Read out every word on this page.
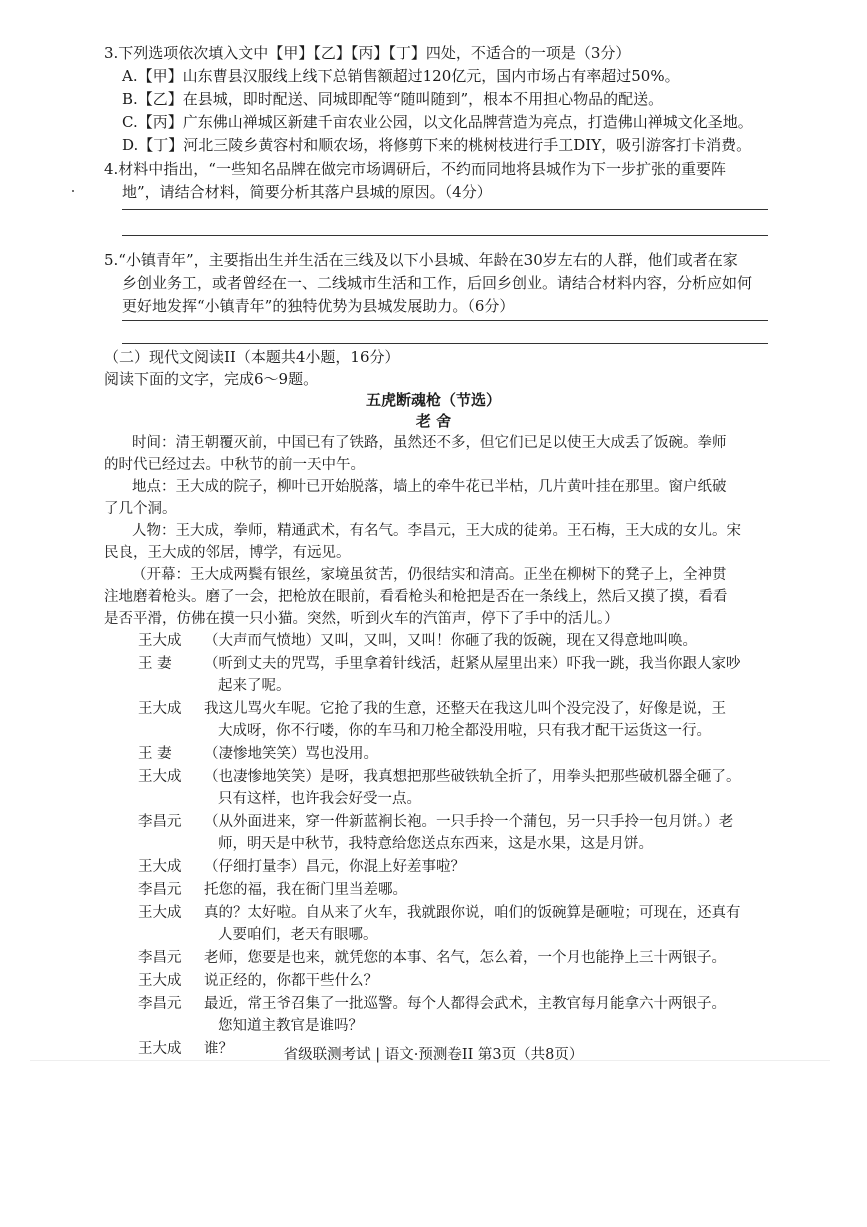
3.下列选项依次填入文中【甲】【乙】【丙】【丁】四处，不适合的一项是（3分）
A.【甲】山东曹县汉服线上线下总销售额超过120亿元，国内市场占有率超过50%。
B.【乙】在县城，即时配送、同城即配等“随叫随到”，根本不用担心物品的配送。
C.【丙】广东佛山禅城区新建千亩农业公园，以文化品牌营造为亮点，打造佛山禅城文化圣地。
D.【丁】河北三陵乡黄容村和顺农场，将修剪下来的桃树枝进行手工DIY，吸引游客打卡消费。
4.材料中指出，“一些知名品牌在做完市场调研后，不约而同地将县城作为下一步扩张的重要阵
地”，请结合材料，简要分析其落户县城的原因。（4分）
5.“小镇青年”，主要指出生并生活在三线及以下小县城、年龄在30岁左右的人群，他们或者在家
乡创业务工，或者曾经在一、二线城市生活和工作，后回乡创业。请结合材料内容，分析应如何
更好地发挥“小镇青年”的独特优势为县城发展助力。（6分）
（二）现代文阅读II（本题共4小题，16分）
阅读下面的文字，完成6～9题。
五虎断魂枪（节选）
老 舍
时间：清王朝覆灭前，中国已有了铁路，虽然还不多，但它们已足以使王大成丢了饭碗。拳师
的时代已经过去。中秋节的前一天中午。
地点：王大成的院子，柳叶已开始脱落，墙上的牵牛花已半枯，几片黄叶挂在那里。窗户纸破
了几个洞。
人物：王大成，拳师，精通武术，有名气。李昌元，王大成的徒弟。王石梅，王大成的女儿。宋
民良，王大成的邻居，博学，有远见。
（开幕：王大成两鬓有银丝，家境虽贫苦，仍很结实和清高。正坐在柳树下的凳子上，全神贯
注地磨着枪头。磨了一会，把枪放在眼前，看看枪头和枪把是否在一条线上，然后又摸了摸，看看
是否平滑，仿佛在摸一只小猫。突然，听到火车的汽笛声，停下了手中的活儿。）
王大成 （大声而气愤地）又叫，又叫，又叫！你砸了我的饭碗，现在又得意地叫唤。
王 妻 （听到丈夫的咒骂，手里拿着针线活，赶紧从屋里出来）吓我一跳，我当你跟人家吵
起来了呢。
王大成 我这儿骂火车呢。它抢了我的生意，还整天在我这儿叫个没完没了，好像是说，王
大成呀，你不行喽，你的车马和刀枪全都没用啦，只有我才配干运货这一行。
王 妻 （凄惨地笑笑）骂也没用。
王大成 （也凄惨地笑笑）是呀，我真想把那些破铁轨全折了，用拳头把那些破机器全砸了。
只有这样，也许我会好受一点。
李昌元 （从外面进来，穿一件新蓝裥长袍。一只手拎一个蒲包，另一只手拎一包月饼。）老
师，明天是中秋节，我特意给您送点东西来，这是水果，这是月饼。
王大成 （仔细打量李）昌元，你混上好差事啦？
李昌元 托您的福，我在衙门里当差哪。
王大成 真的？太好啦。自从来了火车，我就跟你说，咱们的饭碗算是砸啦；可现在，还真有
人要咱们，老天有眼哪。
李昌元 老师，您要是也来，就凭您的本事、名气，怎么着，一个月也能挣上三十两银子。
王大成 说正经的，你都干些什么？
李昌元 最近，常王爷召集了一批巡警。每个人都得会武术，主教官每月能拿六十两银子。
您知道主教官是谁吗？
王大成 谁？	省级联测考试 | 语文·预测卷II 第3页（共8页）
